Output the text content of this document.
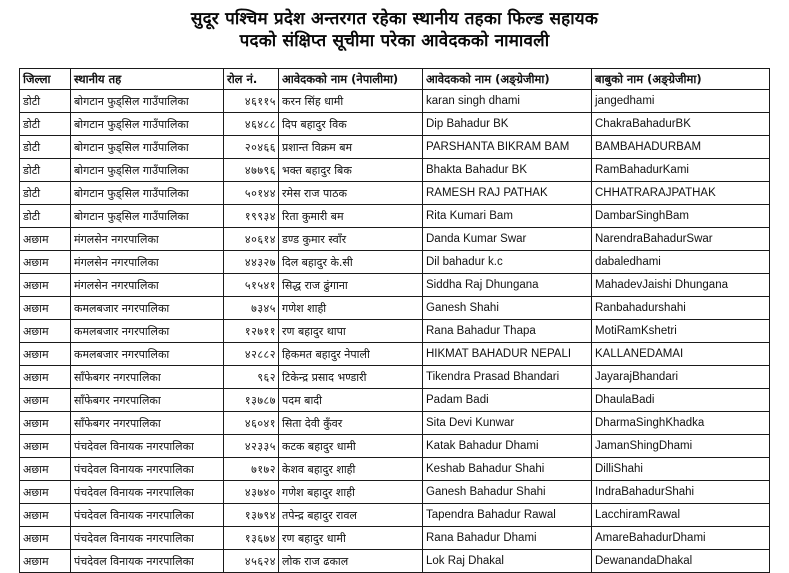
सुदूर पश्चिम प्रदेश अन्तरगत रहेका स्थानीय तहका फिल्ड सहायक
पदको संक्षिप्त सूचीमा परेका आवेदकको नामावली
जिल्ला	स्थानीय तह	रोल नं.	आवेदकको नाम (नेपालीमा)	आवेदकको नाम (अङ्ग्रेजीमा)	बाबुको नाम (अङ्ग्रेजीमा)
डोटी	बोगटान फुड्सिल गाउँपालिका	४६११५	करन सिंह धामी	karan singh dhami	jangedhami
डोटी	बोगटान फुड्सिल गाउँपालिका	४६४८८	दिप बहादुर विक	Dip Bahadur BK	ChakraBahadurBK
डोटी	बोगटान फुड्सिल गाउँपालिका	२०४६६	प्रशान्त विक्रम बम	PARSHANTA BIKRAM BAM	BAMBAHADURBAM
डोटी	बोगटान फुड्सिल गाउँपालिका	४७७९६	भक्त बहादुर बिक	Bhakta Bahadur BK	RamBahadurKami
डोटी	बोगटान फुड्सिल गाउँपालिका	५०१४४	रमेस राज पाठक	RAMESH RAJ PATHAK	CHHATRARAJPATHAK
डोटी	बोगटान फुड्सिल गाउँपालिका	१९९३४	रिता कुमारी बम	Rita Kumari Bam	DambarSinghBam
अछाम	मंगलसेन नगरपालिका	४०६१४	डण्ड कुमार स्वाँर	Danda Kumar Swar	NarendraBahadurSwar
अछाम	मंगलसेन नगरपालिका	४४३२७	दिल बहादुर के.सी	Dil bahadur k.c	dabaledhami
अछाम	मंगलसेन नगरपालिका	५१५४१	सिद्ध राज ढुंगाना	Siddha Raj Dhungana	MahadevJaishi Dhungana
अछाम	कमलबजार नगरपालिका	७३४५	गणेश शाही	Ganesh Shahi	Ranbahadurshahi
अछाम	कमलबजार नगरपालिका	१२७११	रण बहादुर थापा	Rana Bahadur Thapa	MotiRamKshetri
अछाम	कमलबजार नगरपालिका	४२८८२	हिकमत बहादुर नेपाली	HIKMAT BAHADUR NEPALI	KALLANEDAMAI
अछाम	साँफेबगर नगरपालिका	९६२	टिकेन्द्र प्रसाद भण्डारी	Tikendra Prasad Bhandari	JayarajBhandari
अछाम	साँफेबगर नगरपालिका	१३७८७	पदम बादी	Padam Badi	DhaulaBadi
अछाम	साँफेबगर नगरपालिका	४६०४१	सिता देवी कुँवर	Sita Devi Kunwar	DharmaSinghKhadka
अछाम	पंचदेवल विनायक नगरपालिका	४२३३५	कटक बहादुर धामी	Katak Bahadur Dhami	JamanShingDhami
अछाम	पंचदेवल विनायक नगरपालिका	७१७२	केशव बहादुर शाही	Keshab Bahadur Shahi	DilliShahi
अछाम	पंचदेवल विनायक नगरपालिका	४३७४०	गणेश बहादुर शाही	Ganesh Bahadur Shahi	IndraBahadurShahi
अछाम	पंचदेवल विनायक नगरपालिका	१३७९४	तपेन्द्र बहादुर रावल	Tapendra Bahadur Rawal	LacchiramRawal
अछाम	पंचदेवल विनायक नगरपालिका	१३६७४	रण बहादुर धामी	Rana Bahadur Dhami	AmareBahadurDhami
अछाम	पंचदेवल विनायक नगरपालिका	४५६२४	लोक राज ढकाल	Lok Raj Dhakal	DewanandaDhakal
